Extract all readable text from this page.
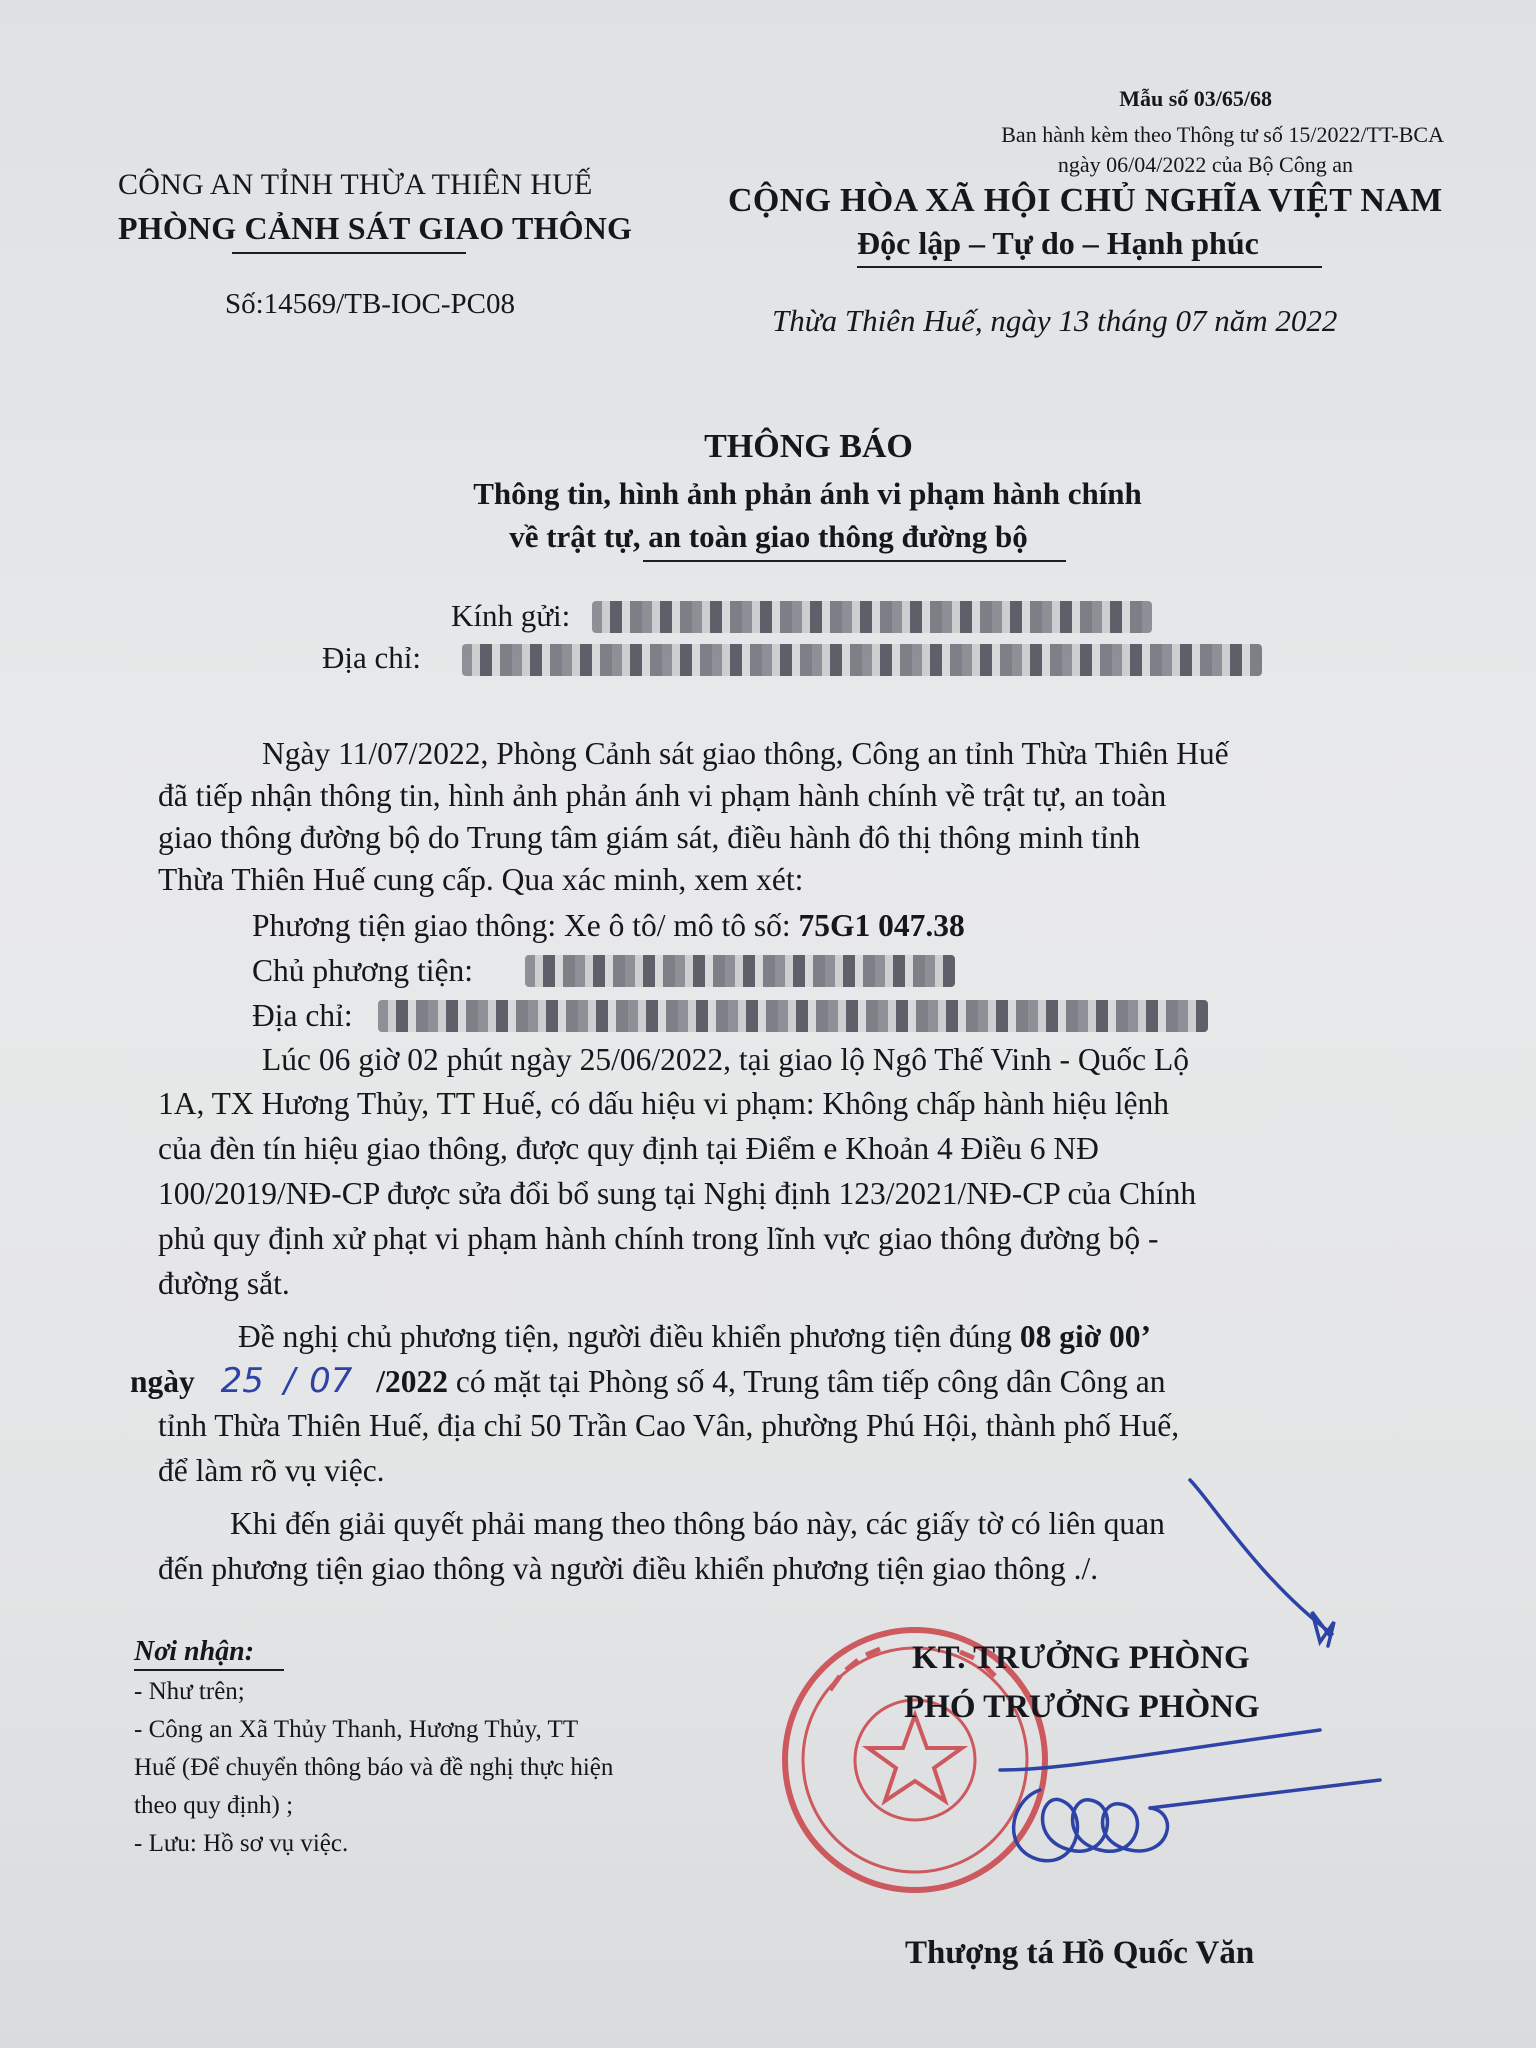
Mẫu số 03/65/68
Ban hành kèm theo Thông tư số 15/2022/TT-BCA
ngày 06/04/2022 của Bộ Công an
CÔNG AN TỈNH THỪA THIÊN HUẾ
PHÒNG CẢNH SÁT GIAO THÔNG
Số:14569/TB-IOC-PC08
CỘNG HÒA XÃ HỘI CHỦ NGHĨA VIỆT NAM
Độc lập – Tự do – Hạnh phúc
Thừa Thiên Huế, ngày 13 tháng 07 năm 2022
THÔNG BÁO
Thông tin, hình ảnh phản ánh vi phạm hành chính
về trật tự, an toàn giao thông đường bộ
Kính gửi:
Địa chỉ:
Ngày 11/07/2022, Phòng Cảnh sát giao thông, Công an tỉnh Thừa Thiên Huế
đã tiếp nhận thông tin, hình ảnh phản ánh vi phạm hành chính về trật tự, an toàn
giao thông đường bộ do Trung tâm giám sát, điều hành đô thị thông minh tỉnh
Thừa Thiên Huế cung cấp. Qua xác minh, xem xét:
Phương tiện giao thông: Xe ô tô/ mô tô số: 75G1 047.38
Chủ phương tiện:
Địa chỉ:
Lúc 06 giờ 02 phút ngày 25/06/2022, tại giao lộ Ngô Thế Vinh - Quốc Lộ
1A, TX Hương Thủy, TT Huế, có dấu hiệu vi phạm: Không chấp hành hiệu lệnh
của đèn tín hiệu giao thông, được quy định tại Điểm e Khoản 4 Điều 6 NĐ
100/2019/NĐ-CP được sửa đổi bổ sung tại Nghị định 123/2021/NĐ-CP của Chính
phủ quy định xử phạt vi phạm hành chính trong lĩnh vực giao thông đường bộ -
đường sắt.
Đề nghị chủ phương tiện, người điều khiển phương tiện đúng 08 giờ 00’
ngày 25 / 07 /2022 có mặt tại Phòng số 4, Trung tâm tiếp công dân Công an
tỉnh Thừa Thiên Huế, địa chỉ 50 Trần Cao Vân, phường Phú Hội, thành phố Huế,
để làm rõ vụ việc.
Khi đến giải quyết phải mang theo thông báo này, các giấy tờ có liên quan
đến phương tiện giao thông và người điều khiển phương tiện giao thông ./.
Nơi nhận:
- Như trên;
- Công an Xã Thủy Thanh, Hương Thủy, TT
Huế (Để chuyển thông báo và đề nghị thực hiện
theo quy định) ;
- Lưu: Hồ sơ vụ việc.
KT. TRƯỞNG PHÒNG
PHÓ TRƯỞNG PHÒNG
Thượng tá Hồ Quốc Văn
